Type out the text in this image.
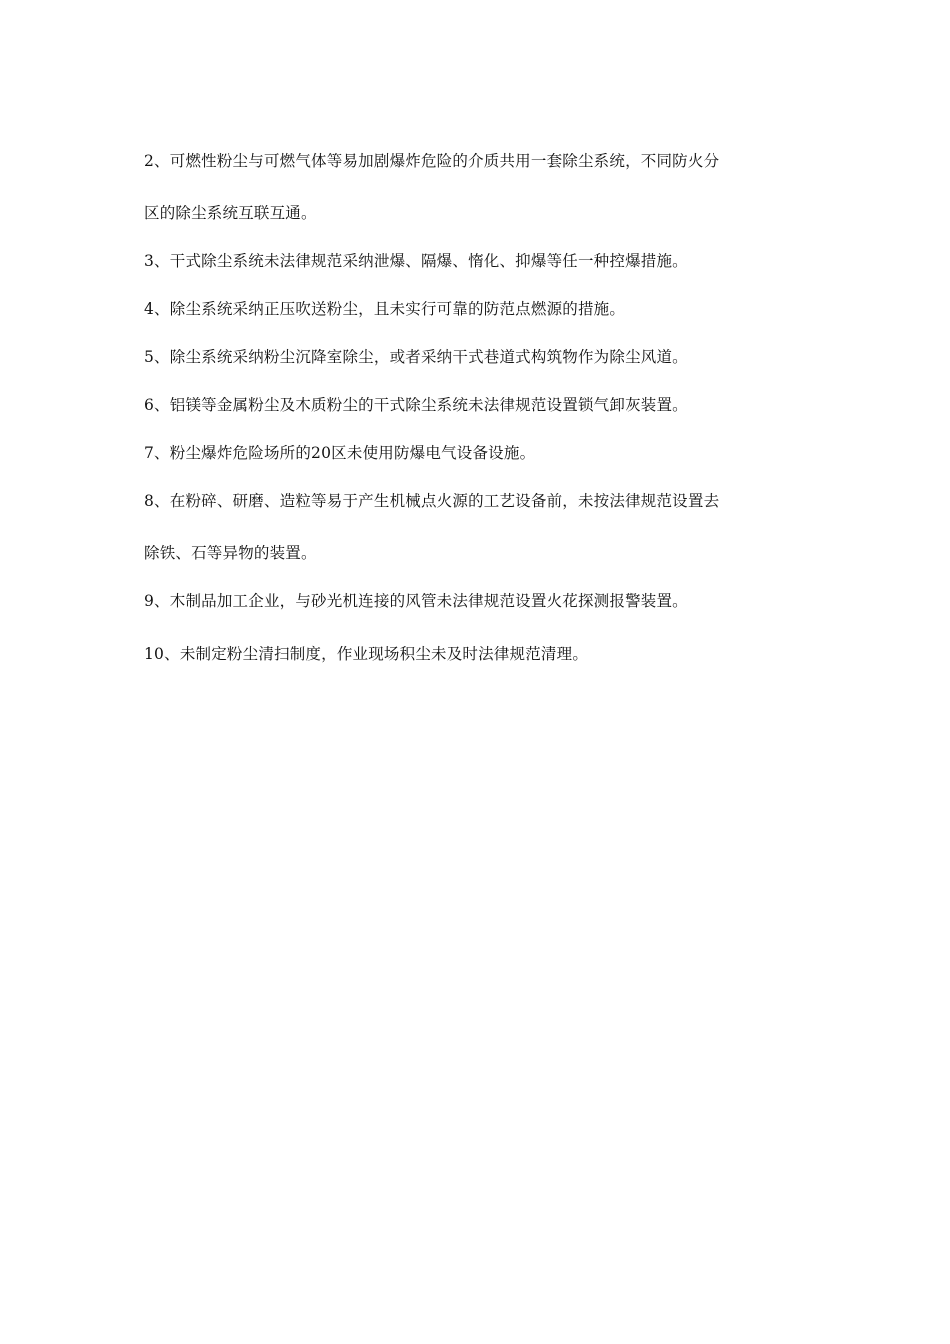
2、可燃性粉尘与可燃气体等易加剧爆炸危险的介质共用一套除尘系统，不同防火分

区的除尘系统互联互通。

3、干式除尘系统未法律规范采纳泄爆、隔爆、惰化、抑爆等任一种控爆措施。

4、除尘系统采纳正压吹送粉尘，且未实行可靠的防范点燃源的措施。

5、除尘系统采纳粉尘沉降室除尘，或者采纳干式巷道式构筑物作为除尘风道。

6、铝镁等金属粉尘及木质粉尘的干式除尘系统未法律规范设置锁气卸灰装置。

7、粉尘爆炸危险场所的20区未使用防爆电气设备设施。

8、在粉碎、研磨、造粒等易于产生机械点火源的工艺设备前，未按法律规范设置去

除铁、石等异物的装置。

9、木制品加工企业，与砂光机连接的风管未法律规范设置火花探测报警装置。

10、未制定粉尘清扫制度，作业现场积尘未及时法律规范清理。
